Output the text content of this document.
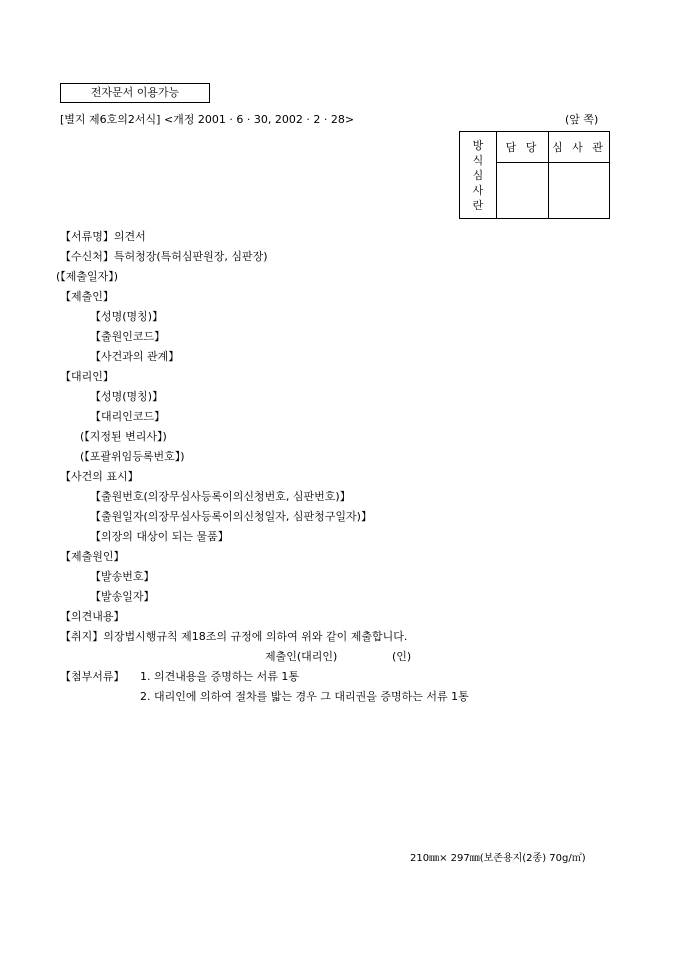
전자문서 이용가능
[별지 제6호의2서식] <개정 2001 · 6 · 30, 2002 · 2 · 28>	(앞 쪽)
방
식
심
사
란	담 당	심 사 관

【서류명】의견서
【수신처】특허청장(특허심판원장, 심판장)
(【제출일자】)
【제출인】
【성명(명칭)】
【출원인코드】
【사건과의 관계】
【대리인】
【성명(명칭)】
【대리인코드】
(【지정된 변리사】)
(【포괄위임등록번호】)
【사건의 표시】
【출원번호(의장무심사등록이의신청번호, 심판번호)】
【출원일자(의장무심사등록이의신청일자, 심판청구일자)】
【의장의 대상이 되는 물품】
【제출원인】
【발송번호】
【발송일자】
【의견내용】
【취지】의장법시행규칙 제18조의 규정에 의하여 위와 같이 제출합니다.
제출인(대리인)	(인)
【첨부서류】 1. 의견내용을 증명하는 서류 1통
2. 대리인에 의하여 절차를 밟는 경우 그 대리권을 증명하는 서류 1통
210㎜× 297㎜(보존용지(2종) 70g/㎡)
